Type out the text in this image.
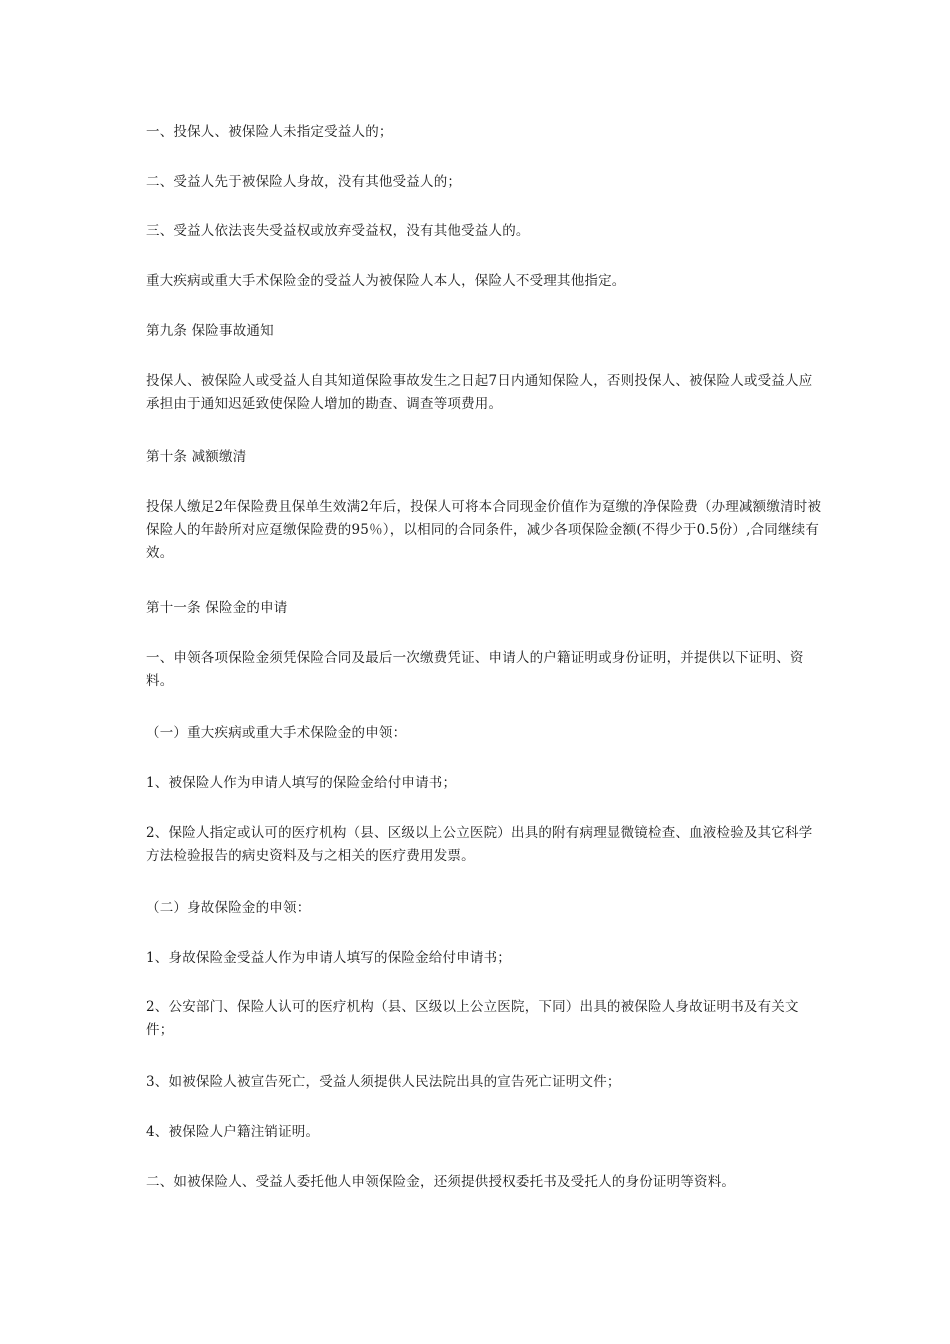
一、投保人、被保险人未指定受益人的；

二、受益人先于被保险人身故，没有其他受益人的；

三、受益人依法丧失受益权或放弃受益权，没有其他受益人的。

重大疾病或重大手术保险金的受益人为被保险人本人，保险人不受理其他指定。

第九条 保险事故通知

投保人、被保险人或受益人自其知道保险事故发生之日起7日内通知保险人，否则投保人、被保险人或受益人应承担由于通知迟延致使保险人增加的勘查、调查等项费用。

第十条 减额缴清

投保人缴足2年保险费且保单生效满2年后，投保人可将本合同现金价值作为趸缴的净保险费（办理减额缴清时被保险人的年龄所对应趸缴保险费的95％），以相同的合同条件，减少各项保险金额(不得少于0.5份）,合同继续有效。

第十一条 保险金的申请

一、申领各项保险金须凭保险合同及最后一次缴费凭证、申请人的户籍证明或身份证明，并提供以下证明、资料。

（一）重大疾病或重大手术保险金的申领：

1、被保险人作为申请人填写的保险金给付申请书；

2、保险人指定或认可的医疗机构（县、区级以上公立医院）出具的附有病理显微镜检查、血液检验及其它科学方法检验报告的病史资料及与之相关的医疗费用发票。

（二）身故保险金的申领：

1、身故保险金受益人作为申请人填写的保险金给付申请书；

2、公安部门、保险人认可的医疗机构（县、区级以上公立医院，下同）出具的被保险人身故证明书及有关文件；

3、如被保险人被宣告死亡，受益人须提供人民法院出具的宣告死亡证明文件；

4、被保险人户籍注销证明。

二、如被保险人、受益人委托他人申领保险金，还须提供授权委托书及受托人的身份证明等资料。
